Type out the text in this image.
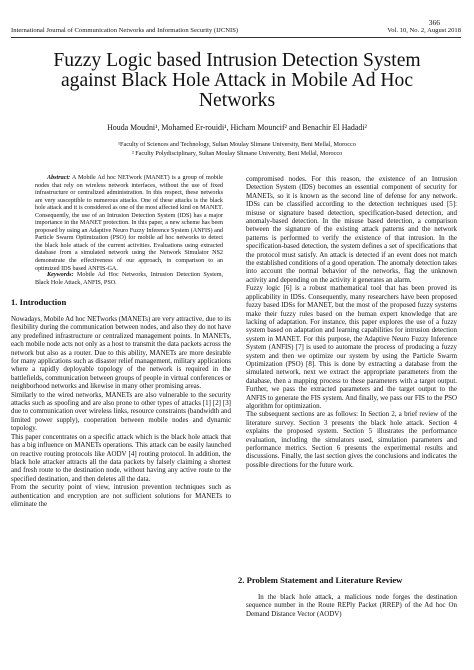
366
International Journal of Communication Networks and Information Security (IJCNIS)	Vol. 10, No. 2, August 2018
Fuzzy Logic based Intrusion Detection System against Black Hole Attack in Mobile Ad Hoc Networks
Houda Moudni¹, Mohamed Er-rouidi¹, Hicham Mouncif² and Benachir El Hadadi²
¹Faculty of Sciences and Technology, Sultan Moulay Slimane University, Beni Mellal, Morocco
² Faculty Polydisciplinary, Sultan Moulay Slimane University, Beni Mellal, Morocco

Abstract: A Mobile Ad hoc NETwork (MANET) is a group of mobile nodes that rely on wireless network interfaces, without the use of fixed infrastructure or centralized administration. In this respect, these networks are very susceptible to numerous attacks. One of these attacks is the black hole attack and it is considered as one of the most affected kind on MANET. Consequently, the use of an Intrusion Detection System (IDS) has a major importance in the MANET protection. In this paper, a new scheme has been proposed by using an Adaptive Neuro Fuzzy Inference System (ANFIS) and Particle Swarm Optimization (PSO) for mobile ad hoc networks to detect the black hole attack of the current activities. Evaluations using extracted database from a simulated network using the Network Simulator NS2 demonstrate the effectiveness of our approach, in comparison to an optimized IDS based ANFIS-GA.

Keywords: Mobile Ad Hoc Networks, Intrusion Detection System, Black Hole Attack, ANFIS, PSO.

1. Introduction

Nowadays, Mobile Ad hoc NETworks (MANETs) are very attractive, due to its flexibility during the communication between nodes, and also they do not have any predefined infrastructure or centralized management points. In MANETs, each mobile node acts not only as a host to transmit the data packets across the network but also as a router. Due to this ability, MANETs are more desirable for many applications such as disaster relief management, military applications where a rapidly deployable topology of the network is required in the battlefields, communication between groups of people in virtual conferences or neighborhood networks and likewise in many other promising areas.

Similarly to the wired networks, MANETs are also vulnerable to the security attacks such as spoofing and are also prone to other types of attacks [1] [2] [3] due to communication over wireless links, resource constraints (bandwidth and limited power supply), cooperation between mobile nodes and dynamic topology.

This paper concentrates on a specific attack which is the black hole attack that has a big influence on MANETs operations. This attack can be easily launched on reactive routing protocols like AODV [4] routing protocol. In addition, the black hole attacker attracts all the data packets by falsely claiming a shortest and fresh route to the destination node, without having any active route to the specified destination, and then deletes all the data.

From the security point of view, intrusion prevention techniques such as authentication and encryption are not sufficient solutions for MANETs to eliminate the

compromised nodes. For this reason, the existence of an Intrusion Detection System (IDS) becomes an essential component of security for MANETs, so it is known as the second line of defense for any network. IDSs can be classified according to the detection techniques used [5]: misuse or signature based detection, specification-based detection, and anomaly-based detection. In the misuse based detection, a comparison between the signature of the existing attack patterns and the network patterns is performed to verify the existence of that intrusion. In the specification-based detection, the system defines a set of specifications that the protocol must satisfy. An attack is detected if an event does not match the established conditions of a good operation. The anomaly detection takes into account the normal behavior of the networks, flag the unknown activity and depending on the activity it generates an alarm.

Fuzzy logic [6] is a robust mathematical tool that has been proved its applicability in IDSs. Consequently, many researchers have been proposed fuzzy based IDSs for MANET, but the most of the proposed fuzzy systems make their fuzzy rules based on the human expert knowledge that are lacking of adaptation. For instance, this paper explores the use of a fuzzy system based on adaptation and learning capabilities for intrusion detection system in MANET. For this purpose, the Adaptive Neuro Fuzzy Inference System (ANFIS) [7] is used to automate the process of producing a fuzzy system and then we optimize our system by using the Particle Swarm Optimization (PSO) [8]. This is done by extracting a database from the simulated network, next we extract the appropriate parameters from the database, then a mapping process to these parameters with a target output. Further, we pass the extracted parameters and the target output to the ANFIS to generate the FIS system. And finally, we pass our FIS to the PSO algorithm for optimization.

The subsequent sections are as follows: In Section 2, a brief review of the literature survey. Section 3 presents the black hole attack. Section 4 explains the proposed system. Section 5 illustrates the performance evaluation, including the simulators used, simulation parameters and performance metrics. Section 6 presents the experimental results and discussions. Finally, the last section gives the conclusions and indicates the possible directions for the future work.

2. Problem Statement and Literature Review

In the black hole attack, a malicious node forges the destination sequence number in the Route REPly Packet (RREP) of the Ad hoc On Demand Distance Vector (AODV)
